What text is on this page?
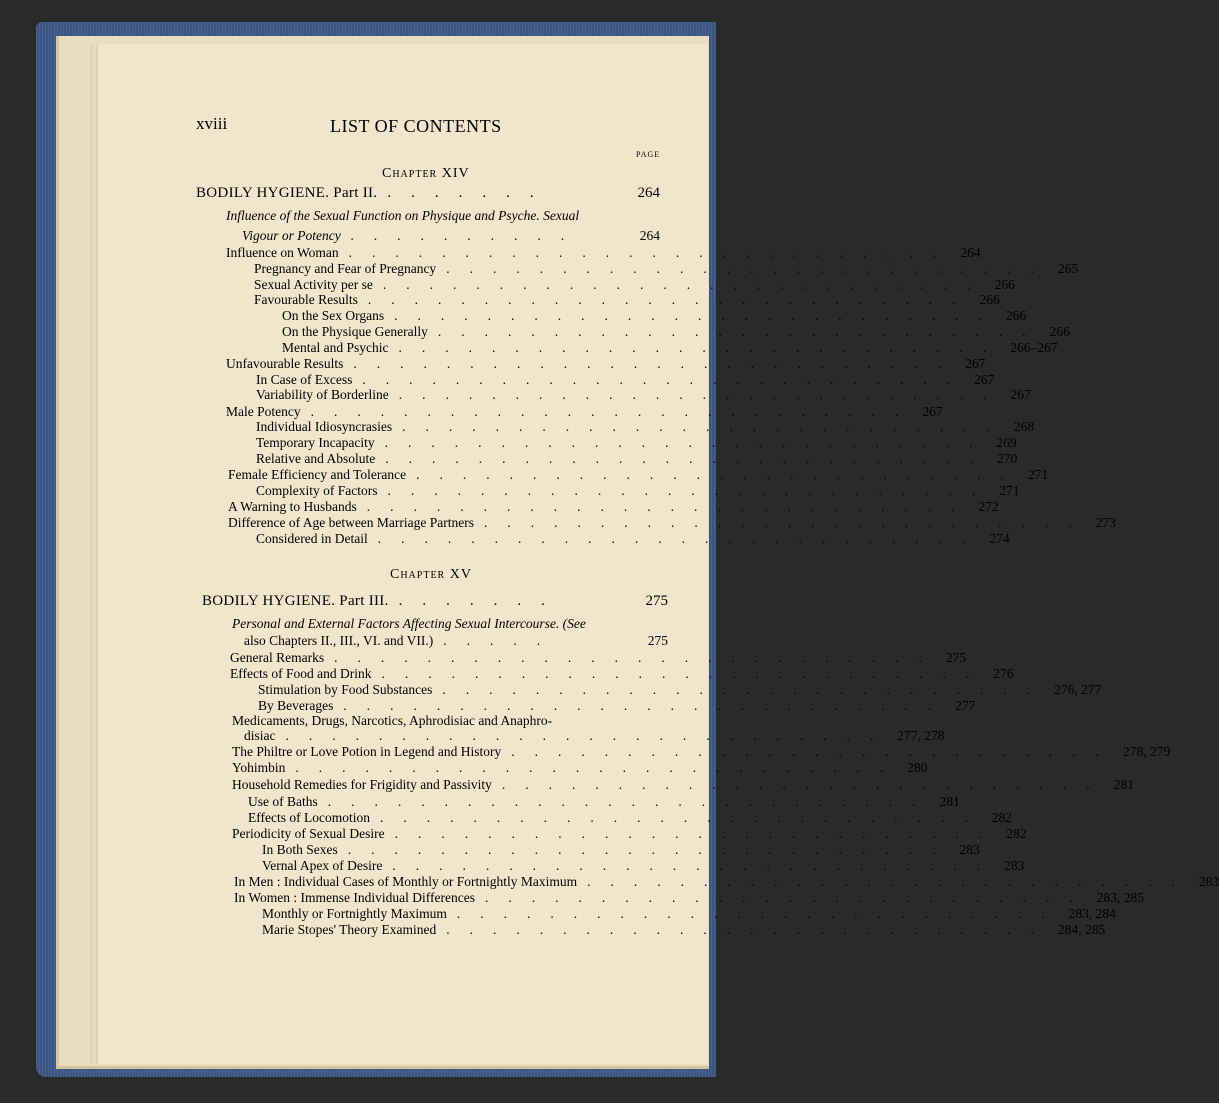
xviii	LIST OF CONTENTS
PAGE
Chapter XIV
BODILY HYGIENE. Part II. .......	264
Influence of the Sexual Function on Physique and Psyche. Sexual
Vigour or Potency ..........	264
Influence on Woman .......................... 264
Pregnancy and Fear of Pregnancy .......................... 265
Sexual Activity per se .......................... 266
Favourable Results .......................... 266
On the Sex Organs .......................... 266
On the Physique Generally .......................... 266
Mental and Psychic .......................... 266–267
Unfavourable Results .......................... 267
In Case of Excess .......................... 267
Variability of Borderline .......................... 267
Male Potency .......................... 267
Individual Idiosyncrasies .......................... 268
Temporary Incapacity .......................... 269
Relative and Absolute .......................... 270
Female Efficiency and Tolerance .......................... 271
Complexity of Factors .......................... 271
A Warning to Husbands .......................... 272
Difference of Age between Marriage Partners .......................... 273
Considered in Detail .......................... 274
Chapter XV
BODILY HYGIENE. Part III. .......	275
Personal and External Factors Affecting Sexual Intercourse. (See
also Chapters II., III., VI. and VII.) .....	275
General Remarks .......................... 275
Effects of Food and Drink .......................... 276
Stimulation by Food Substances .......................... 276, 277
By Beverages .......................... 277
Medicaments, Drugs, Narcotics, Aphrodisiac and Anaphro-
disiac .......................... 277, 278
The Philtre or Love Potion in Legend and History .......................... 278, 279
Yohimbin .......................... 280
Household Remedies for Frigidity and Passivity .......................... 281
Use of Baths .......................... 281
Effects of Locomotion .......................... 282
Periodicity of Sexual Desire .......................... 282
In Both Sexes .......................... 283
Vernal Apex of Desire .......................... 283
In Men : Individual Cases of Monthly or Fortnightly Maximum .......................... 283
In Women : Immense Individual Differences .......................... 283, 285
Monthly or Fortnightly Maximum .......................... 283, 284
Marie Stopes' Theory Examined .......................... 284, 285
